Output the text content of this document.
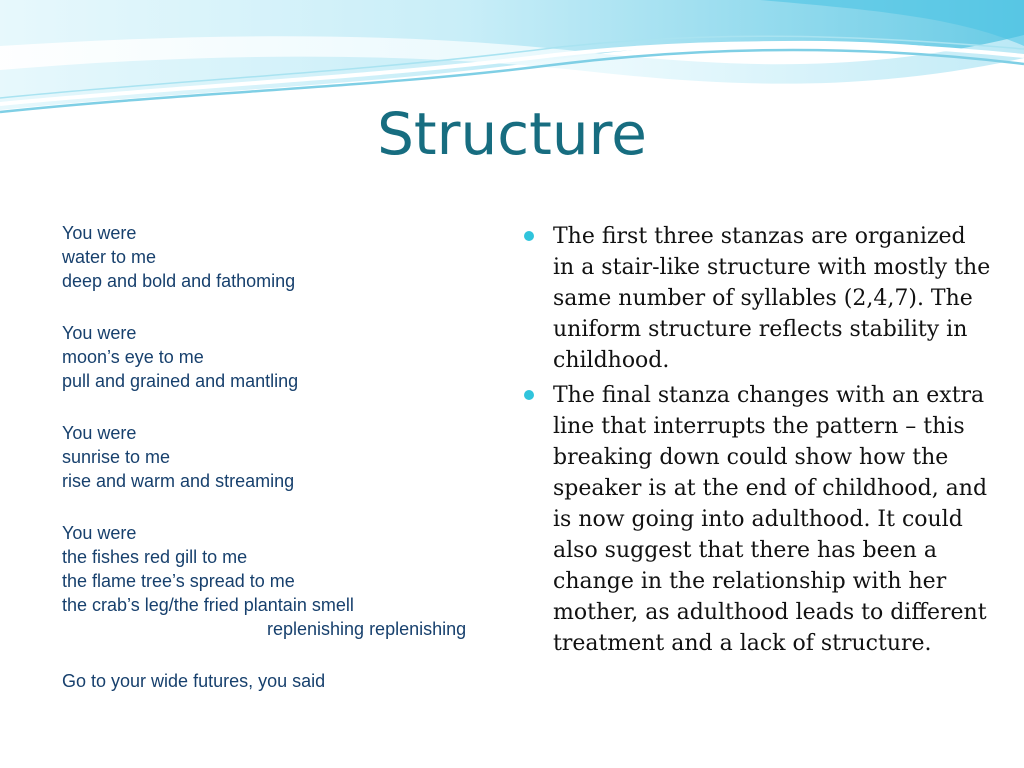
Structure
You were
water to me
deep and bold and fathoming
You were
moon’s eye to me
pull and grained and mantling
You were
sunrise to me
rise and warm and streaming
You were
the fishes red gill to me
the flame tree’s spread to me
the crab’s leg/the fried plantain smell
replenishing replenishing
Go to your wide futures, you said
The first three stanzas are organized in a stair-like structure with mostly the same number of syllables (2,4,7). The uniform structure reflects stability in childhood.
The final stanza changes with an extra line that interrupts the pattern – this breaking down could show how the speaker is at the end of childhood, and is now going into adulthood. It could also suggest that there has been a change in the relationship with her mother, as adulthood leads to different treatment and a lack of structure.
